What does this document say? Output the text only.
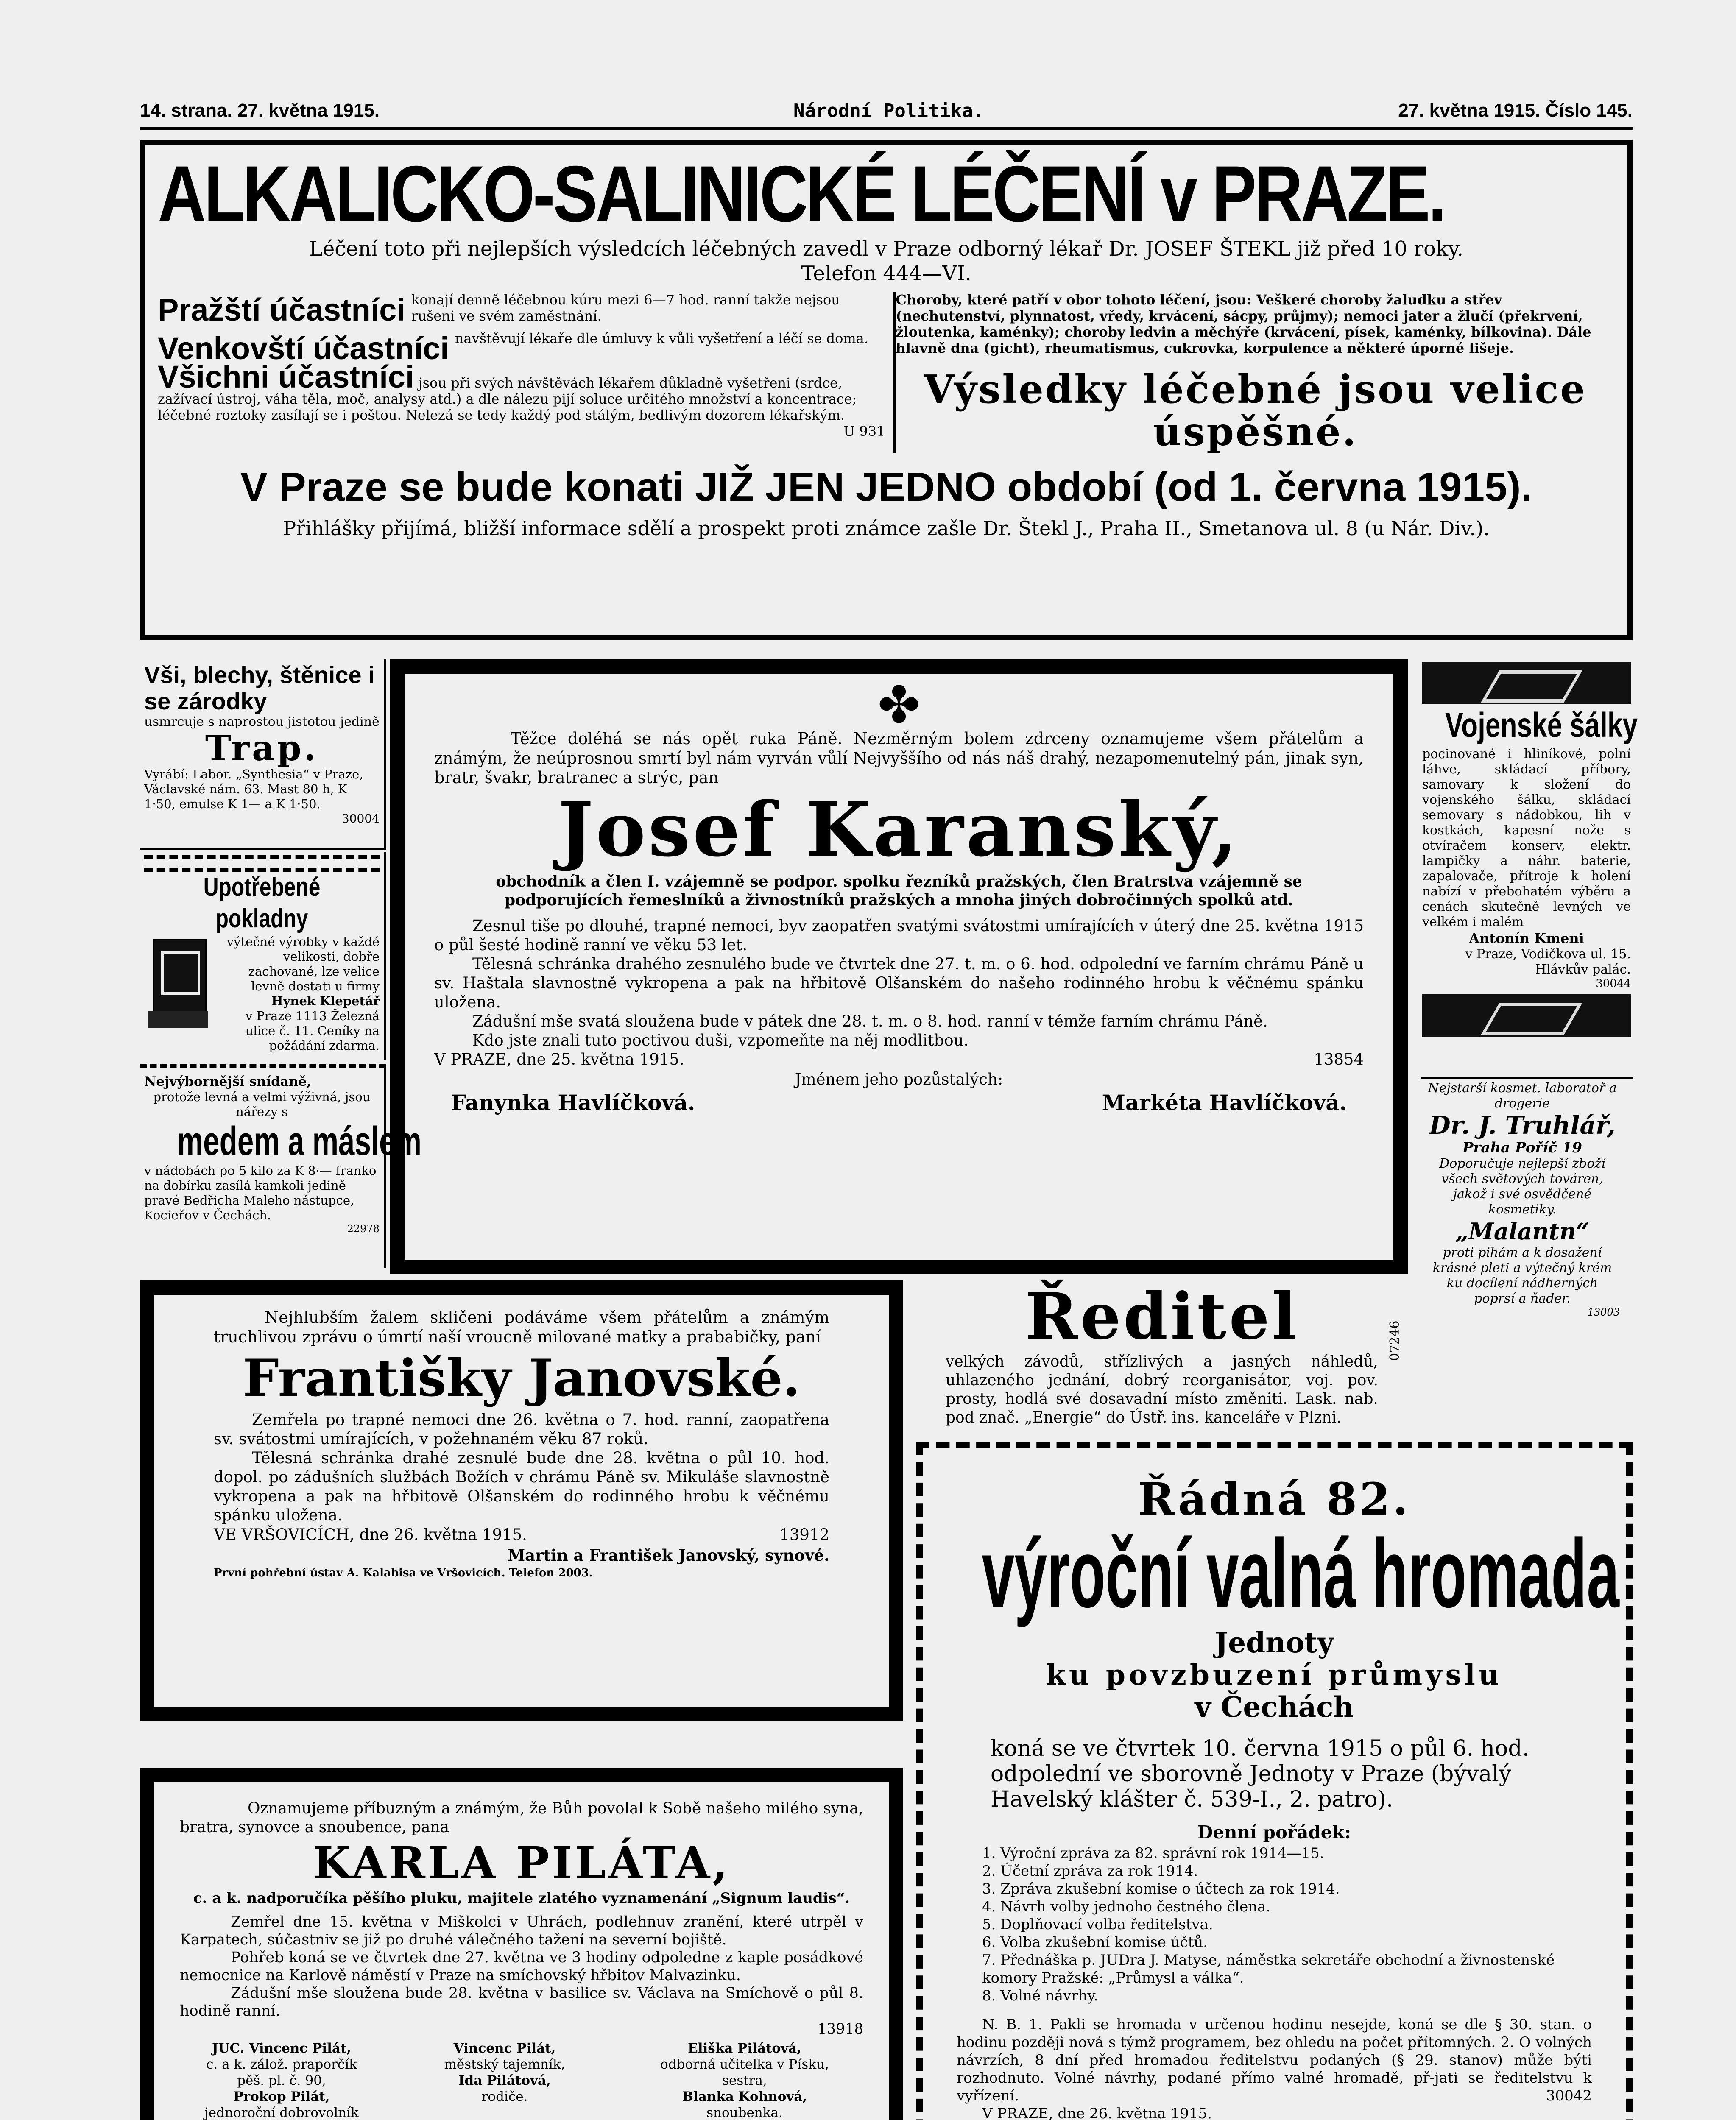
14. strana. 27. května 1915.	Národní Politika.	27. května 1915. Číslo 145.
ALKALICKO-SALINICKÉ LÉČENÍ v PRAZE.
Léčení toto při nejlepších výsledcích léčebných zavedl v Praze odborný lékař Dr. JOSEF ŠTEKL již před 10 roky.
Telefon 444—VI.
Pražští účastníci konají denně léčebnou kúru mezi 6—7 hod. ranní takže nejsou rušeni ve svém zaměstnání.
Venkovští účastníci navštěvují lékaře dle úmluvy k vůli vyšetření a léčí se doma.
Všichni účastníci jsou při svých návštěvách lékařem důkladně vyšetřeni (srdce, zažívací ústroj, váha těla, moč, analysy atd.) a dle nálezu pijí soluce určitého množství a koncentrace; léčebné roztoky zasílají se i poštou. Nelezá se tedy každý pod stálým, bedlivým dozorem lékařským.
U 931
Choroby, které patří v obor tohoto léčení, jsou: Veškeré choroby žaludku a střev (nechutenství, plynnatost, vředy, krvácení, sácpy, průjmy); nemoci jater a žlučí (překrvení, žloutenka, kaménky); choroby ledvin a měchýře (krvácení, písek, kaménky, bílkovina). Dále hlavně dna (gicht), rheumatismus, cukrovka, korpulence a některé úporné lišeje.
Výsledky léčebné jsou velice úspěšné.
V Praze se bude konati JIŽ JEN JEDNO období (od 1. června 1915).
Přihlášky přijímá, bližší informace sdělí a prospekt proti známce zašle Dr. Štekl J., Praha II., Smetanova ul. 8 (u Nár. Div.).
Vši, blechy, štěnice i se zárodky
usmrcuje s naprostou jistotou jedině
Trap.
Vyrábí: Labor. „Synthesia“ v Praze, Václavské nám. 63. Mast 80 h, K 1·50, emulse K 1— a K 1·50.
30004
Upotřebené pokladny
výtečné výrobky v každé velikosti, dobře zachované, lze velice levně dostati u firmy
Hynek Klepetář
v Praze 1113 Železná ulice č. 11. Ceníky na požádání zdarma.
Nejvýbornější snídaně,
protože levná a velmi výživná, jsou nářezy s
medem a máslem
v nádobách po 5 kilo za K 8·— franko na dobírku zasílá kamkoli jedině pravé Bedřicha Maleho nástupce, Kocieřov v Čechách.
22978
✤
Těžce doléhá se nás opět ruka Páně. Nezměrným bolem zdrceny oznamujeme všem přátelům a známým, že neúprosnou smrtí byl nám vyrván vůlí Nejvyššího od nás náš drahý, nezapomenutelný pán, jinak syn, bratr, švakr, bratranec a strýc, pan
Josef Karanský,
obchodník a člen I. vzájemně se podpor. spolku řezníků pražských, člen Bratrstva vzájemně se podporujících řemeslníků a živnostníků pražských a mnoha jiných dobročinných spolků atd.

Zesnul tiše po dlouhé, trapné nemoci, byv zaopatřen svatými svátostmi umírajících v úterý dne 25. května 1915 o půl šesté hodině ranní ve věku 53 let.

Tělesná schránka drahého zesnulého bude ve čtvrtek dne 27. t. m. o 6. hod. odpolední ve farním chrámu Páně u sv. Haštala slavnostně vykropena a pak na hřbitově Olšanském do našeho rodinného hrobu k věčnému spánku uložena.

Zádušní mše svatá sloužena bude v pátek dne 28. t. m. o 8. hod. ranní v témže farním chrámu Páně.

Kdo jste znali tuto poctivou duši, vzpomeňte na něj modlitbou.

V PRAZE, dne 25. května 1915.	13854
Jménem jeho pozůstalých:
Fanynka Havlíčková.	Markéta Havlíčková.
Vojenské šálky
pocinované i hliníkové, polní láhve, skládací příbory, samovary k složení do vojenského šálku, skládací semovary s nádobkou, lih v kostkách, kapesní nože s otvíračem konserv, elektr. lampičky a náhr. baterie, zapalovače, přítroje k holení nabízí v přebohatém výběru a cenách skutečně levných ve velkém i malém
Antonín Kmeni
v Praze, Vodičkova ul. 15. Hlávkův palác.
30044
Nejstarší kosmet. laboratoř a drogerie
Dr. J. Truhlář,
Praha Poříč 19
Doporučuje nejlepší zboží všech světových továren, jakož i své osvědčené kosmetiky.
„Malantn“
proti pihám a k dosažení krásné pleti a výtečný krém ku docílení nádherných poprsí a ňader.
13003
07246
Nejhlubším žalem skličeni podáváme všem přátelům a známým truchlivou zprávu o úmrtí naší vroucně milované matky a prababičky, paní
Františky Janovské.

Zemřela po trapné nemoci dne 26. května o 7. hod. ranní, zaopatřena sv. svátostmi umírajících, v požehnaném věku 87 roků.

Tělesná schránka drahé zesnulé bude dne 28. května o půl 10. hod. dopol. po zádušních službách Božích v chrámu Páně sv. Mikuláše slavnostně vykropena a pak na hřbitově Olšanském do rodinného hrobu k věčnému spánku uložena.

VE VRŠOVICÍCH, dne 26. května 1915.	13912
Martin a František Janovský, synové.
První pohřební ústav A. Kalabisa ve Vršovicích. Telefon 2003.
Ředitel
velkých závodů, střízlivých a jasných náhledů, uhlazeného jednání, dobrý reorganisátor, voj. pov. prosty, hodlá své dosavadní místo změniti. Lask. nab. pod znač. „Energie“ do Ústř. ins. kanceláře v Plzni.
Řádná 82.
výroční valná hromada
Jednoty
ku povzbuzení průmyslu
v Čechách
koná se ve čtvrtek 10. června 1915 o půl 6. hod. odpolední ve sborovně Jednoty v Praze (bývalý Havelský klášter č. 539-I., 2. patro).
Denní pořádek:
1. Výroční zpráva za 82. správní rok 1914—15.
2. Účetní zpráva za rok 1914.
3. Zpráva zkušební komise o účtech za rok 1914.
4. Návrh volby jednoho čestného člena.
5. Doplňovací volba ředitelstva.
6. Volba zkušební komise účtů.
7. Přednáška p. JUDra J. Matyse, náměstka sekretáře obchodní a živnostenské komory Pražské: „Průmysl a válka“.
8. Volné návrhy.
N. B. 1. Pakli se hromada v určenou hodinu nesejde, koná se dle § 30. stan. o hodinu později nová s týmž programem, bez ohledu na počet přítomných. 2. O volných návrzích, 8 dní před hromadou ředitelstvu podaných (§ 29. stanov) může býti rozhodnuto. Volné návrhy, podané přímo valné hromadě, př-jati se ředitelstvu k vyřízení.	30042
V PRAZE, dne 26. května 1915.
Oznamujeme příbuzným a známým, že Bůh povolal k Sobě našeho milého syna, bratra, synovce a snoubence, pana
KARLA PILÁTA,
c. a k. nadporučíka pěšího pluku, majitele zlatého vyznamenání „Signum laudis“.

Zemřel dne 15. května v Miškolci v Uhrách, podlehnuv zranění, které utrpěl v Karpatech, súčastniv se již po druhé válečného tažení na severní bojiště.

Pohřeb koná se ve čtvrtek dne 27. května ve 3 hodiny odpoledne z kaple posádkové nemocnice na Karlově náměstí v Praze na smíchovský hřbitov Malvazinku.

Zádušní mše sloužena bude 28. května v basilice sv. Václava na Smíchově o půl 8. hodině ranní.

13918
JUC. Vincenc Pilát,
c. a k. zálož. praporčík
pěš. pl. č. 90,
Prokop Pilát,
jednoroční dobrovolník
Vincenc Pilát,
městský tajemník,
Ida Pilátová,
rodiče.
Eliška Pilátová,
odborná učitelka v Písku,
sestra,
Blanka Kohnová,
snoubenka.
